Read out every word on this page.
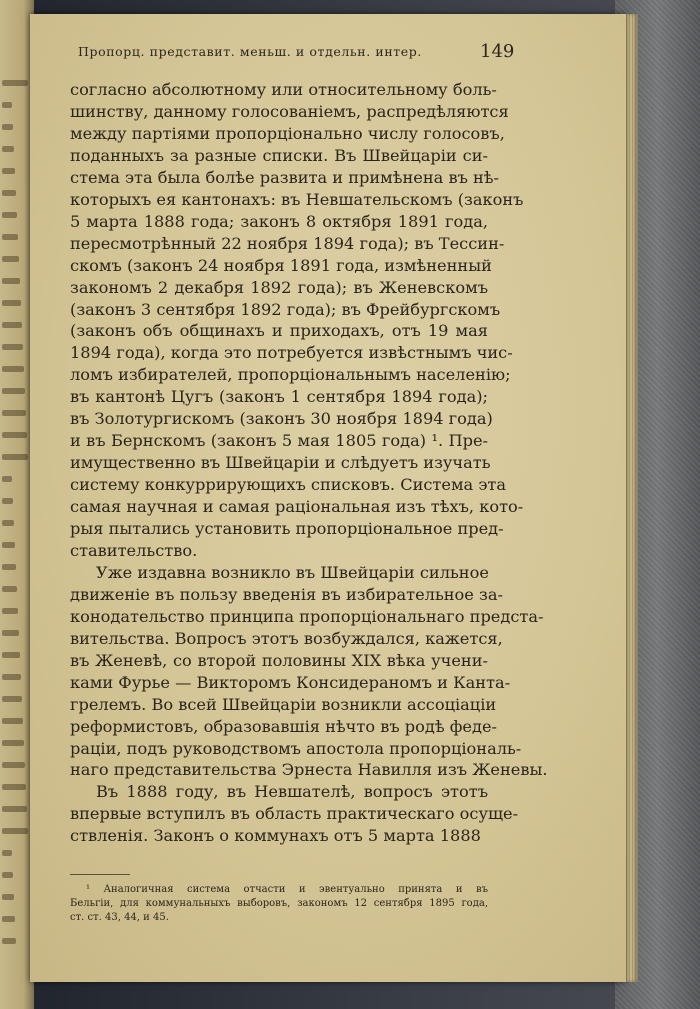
Пропорц. представит. меньш. и отдельн. интер.	149
согласно абсолютному или относительному боль-
шинству, данному голосованіемъ, распредѣляются
между партіями пропорціонально числу голосовъ,
поданныхъ за разные списки. Въ Швейцаріи си-
стема эта была болѣе развита и примѣнена въ нѣ-
которыхъ ея кантонахъ: въ Невшательскомъ (законъ
5 марта 1888 года; законъ 8 октября 1891 года,
пересмотрѣнный 22 ноября 1894 года); въ Тессин-
скомъ (законъ 24 ноября 1891 года, измѣненный
закономъ 2 декабря 1892 года); въ Женевскомъ
(законъ 3 сентября 1892 года); въ Фрейбургскомъ
(законъ объ общинахъ и приходахъ, отъ 19 мая
1894 года), когда это потребуется извѣстнымъ чис-
ломъ избирателей, пропорціональнымъ населенію;
въ кантонѣ Цугъ (законъ 1 сентября 1894 года);
въ Золотургискомъ (законъ 30 ноября 1894 года)
и въ Бернскомъ (законъ 5 мая 1805 года) ¹. Пре-
имущественно въ Швейцаріи и слѣдуетъ изучать
систему конкуррирующихъ списковъ. Система эта
самая научная и самая раціональная изъ тѣхъ, кото-
рыя пытались установить пропорціональное пред-
ставительство.
Уже издавна возникло въ Швейцаріи сильное
движеніе въ пользу введенія въ избирательное за-
конодательство принципа пропорціональнаго предста-
вительства. Вопросъ этотъ возбуждался, кажется,
въ Женевѣ, со второй половины XIX вѣка учени-
ками Фурье — Викторомъ Консидераномъ и Канта-
грелемъ. Во всей Швейцаріи возникли ассоціаціи
реформистовъ, образовавшія нѣчто въ родѣ феде-
раціи, подъ руководствомъ апостола пропорціональ-
наго представительства Эрнеста Навилля изъ Женевы.
Въ 1888 году, въ Невшателѣ, вопросъ этотъ
впервые вступилъ въ область практическаго осуще-
ствленія. Законъ о коммунахъ отъ 5 марта 1888
¹ Аналогичная система отчасти и эвентуально принята и въ
Бельгіи, для коммунальныхъ выборовъ, закономъ 12 сентября 1895 года,
ст. ст. 43, 44, и 45.
